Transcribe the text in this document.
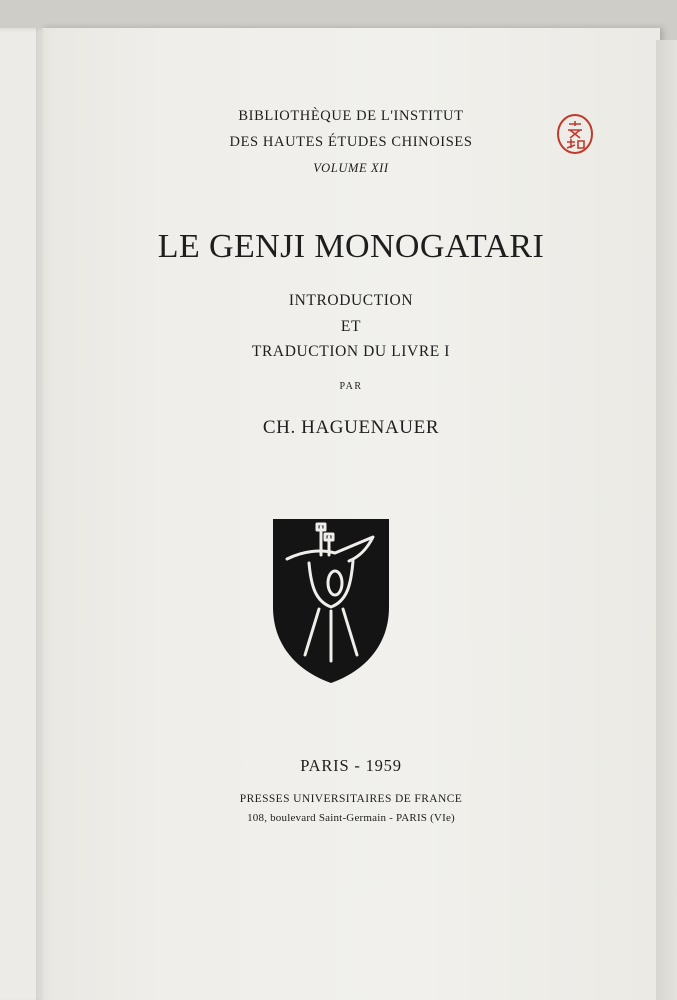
BIBLIOTHÈQUE DE L'INSTITUT
DES HAUTES ÉTUDES CHINOISES
VOLUME XII
LE GENJI MONOGATARI
INTRODUCTION
ET
TRADUCTION DU LIVRE I
PAR
CH. HAGUENAUER
PARIS - 1959
PRESSES UNIVERSITAIRES DE FRANCE
108, boulevard Saint-Germain - PARIS (VIe)
